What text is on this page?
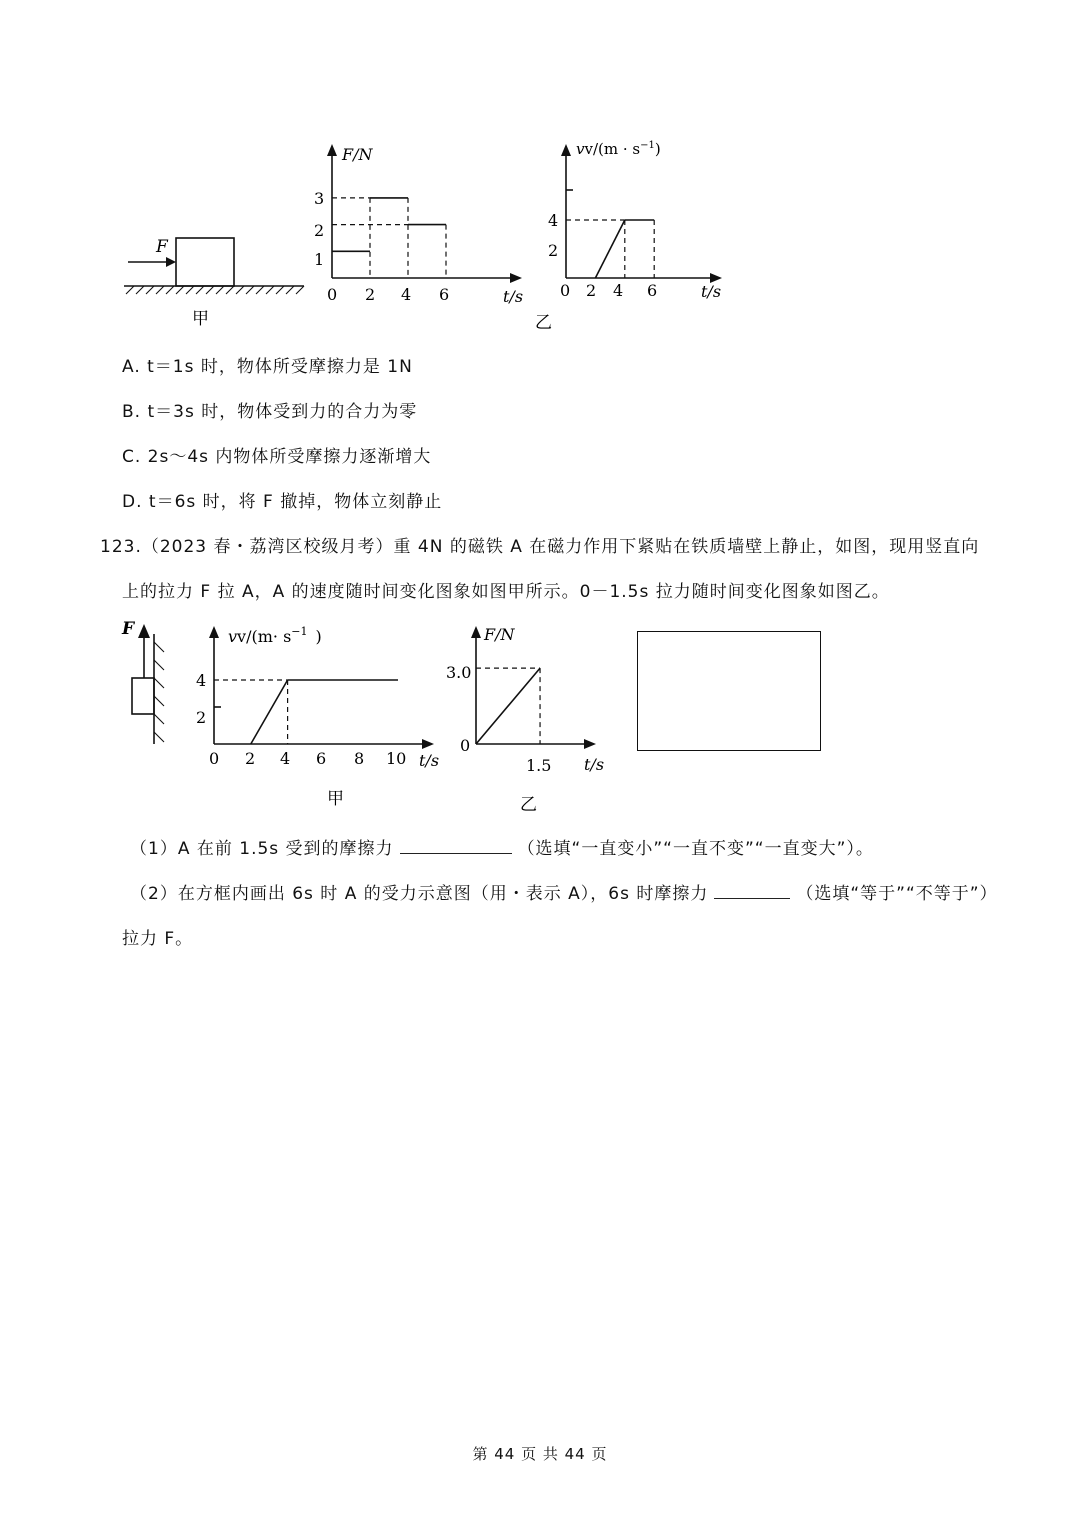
F
甲
F/N
t/s
3
2
1
0 2 4 6
$vv/(m \cdot s^{-1})$
t/s
4
2
0 2 4 6
乙
A. t＝1s 时，物体所受摩擦力是 1N
B. t＝3s 时，物体受到力的合力为零
C. 2s～4s 内物体所受摩擦力逐渐增大
D. t＝6s 时，将 F 撤掉，物体立刻静止
123.（2023 春・荔湾区校级月考）重 4N 的磁铁 A 在磁力作用下紧贴在铁质墙壁上静止，如图，现用竖直向
上的拉力 F 拉 A，A 的速度随时间变化图象如图甲所示。0－1.5s 拉力随时间变化图象如图乙。
F	$vv/(m\cdot s^{-1}$ )
t/s
4
2
0 2 4 6 8 10
甲
F/N
t/s
3.0
0
1.5
乙
（1）A 在前 1.5s 受到的摩擦力	（选填“一直变小”“一直不变”“一直变大”）。
（2）在方框内画出 6s 时 A 的受力示意图（用・表示 A），6s 时摩擦力	（选填“等于”“不等于”）
拉力 F。
第 44 页 共 44 页
